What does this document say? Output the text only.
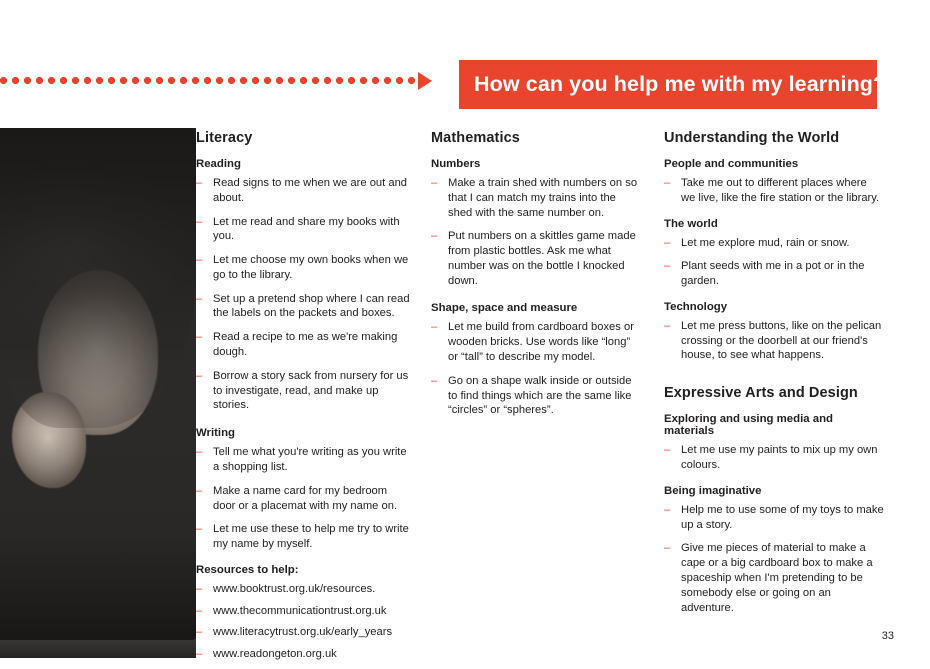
How can you help me with my learning?
Literacy
Reading
– Read signs to me when we are out and about.
– Let me read and share my books with you.
– Let me choose my own books when we go to the library.
– Set up a pretend shop where I can read the labels on the packets and boxes.
– Read a recipe to me as we're making dough.
– Borrow a story sack from nursery for us to investigate, read, and make up stories.
Writing
– Tell me what you're writing as you write a shopping list.
– Make a name card for my bedroom door or a placemat with my name on.
– Let me use these to help me try to write my name by myself.
Resources to help:
– www.booktrust.org.uk/resources.
– www.thecommunicationtrust.org.uk
– www.literacytrust.org.uk/early_years
– www.readongeton.org.uk
Mathematics
Numbers
– Make a train shed with numbers on so that I can match my trains into the shed with the same number on.
– Put numbers on a skittles game made from plastic bottles. Ask me what number was on the bottle I knocked down.
Shape, space and measure
– Let me build from cardboard boxes or wooden bricks. Use words like “long” or “tall” to describe my model.
– Go on a shape walk inside or outside to find things which are the same like “circles” or “spheres”.
Understanding the World
People and communities
– Take me out to different places where we live, like the fire station or the library.
The world
– Let me explore mud, rain or snow.
– Plant seeds with me in a pot or in the garden.
Technology
– Let me press buttons, like on the pelican crossing or the doorbell at our friend's house, to see what happens.
Expressive Arts and Design
Exploring and using media and materials
– Let me use my paints to mix up my own colours.
Being imaginative
– Help me to use some of my toys to make up a story.
– Give me pieces of material to make a cape or a big cardboard box to make a spaceship when I'm pretending to be somebody else or going on an adventure.
33
